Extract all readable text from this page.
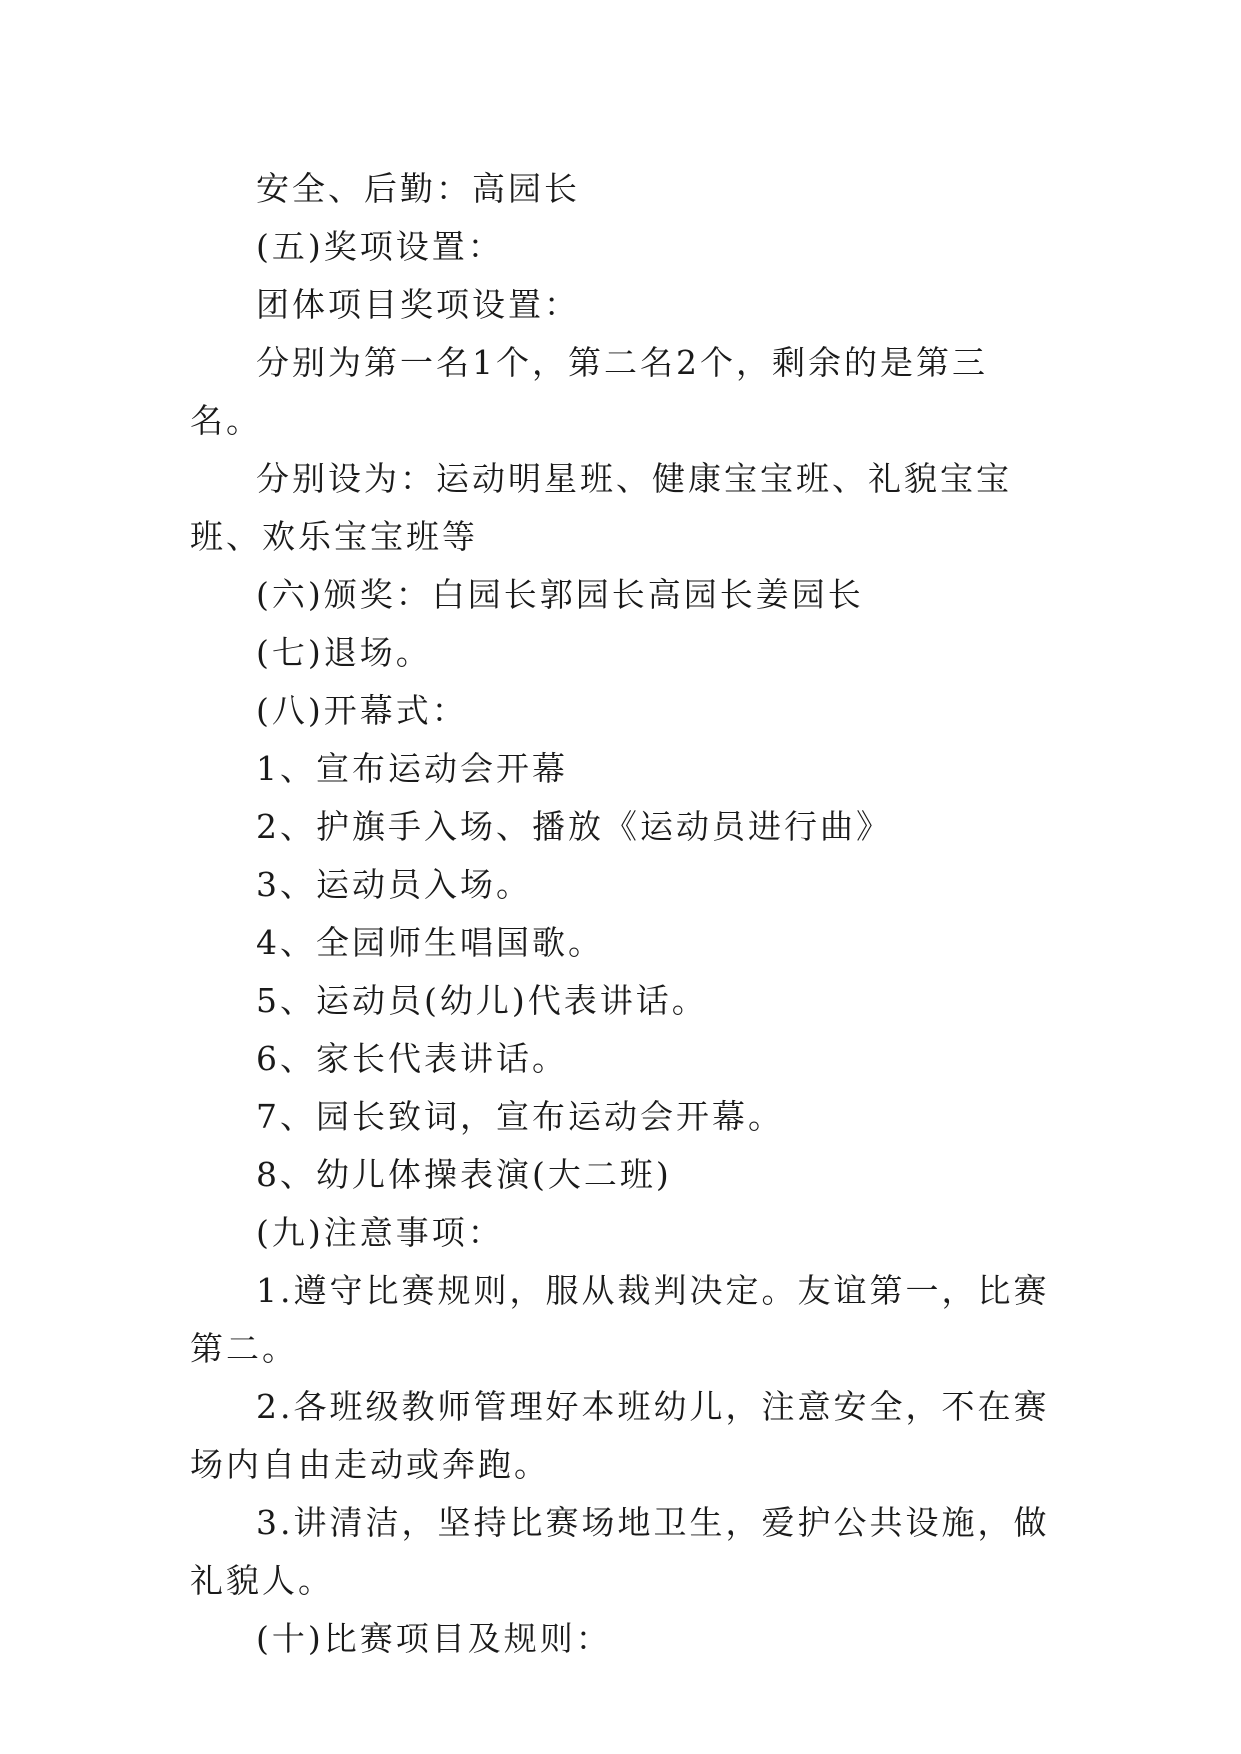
安全、后勤：高园长

(五)奖项设置：

团体项目奖项设置：

分别为第一名1个，第二名2个，剩余的是第三名。

分别设为：运动明星班、健康宝宝班、礼貌宝宝班、欢乐宝宝班等

(六)颁奖：白园长郭园长高园长姜园长

(七)退场。

(八)开幕式：

1、宣布运动会开幕

2、护旗手入场、播放《运动员进行曲》

3、运动员入场。

4、全园师生唱国歌。

5、运动员(幼儿)代表讲话。

6、家长代表讲话。

7、园长致词，宣布运动会开幕。

8、幼儿体操表演(大二班)

(九)注意事项：

1.遵守比赛规则，服从裁判决定。友谊第一，比赛第二。

2.各班级教师管理好本班幼儿，注意安全，不在赛场内自由走动或奔跑。

3.讲清洁，坚持比赛场地卫生，爱护公共设施，做礼貌人。

(十)比赛项目及规则：
